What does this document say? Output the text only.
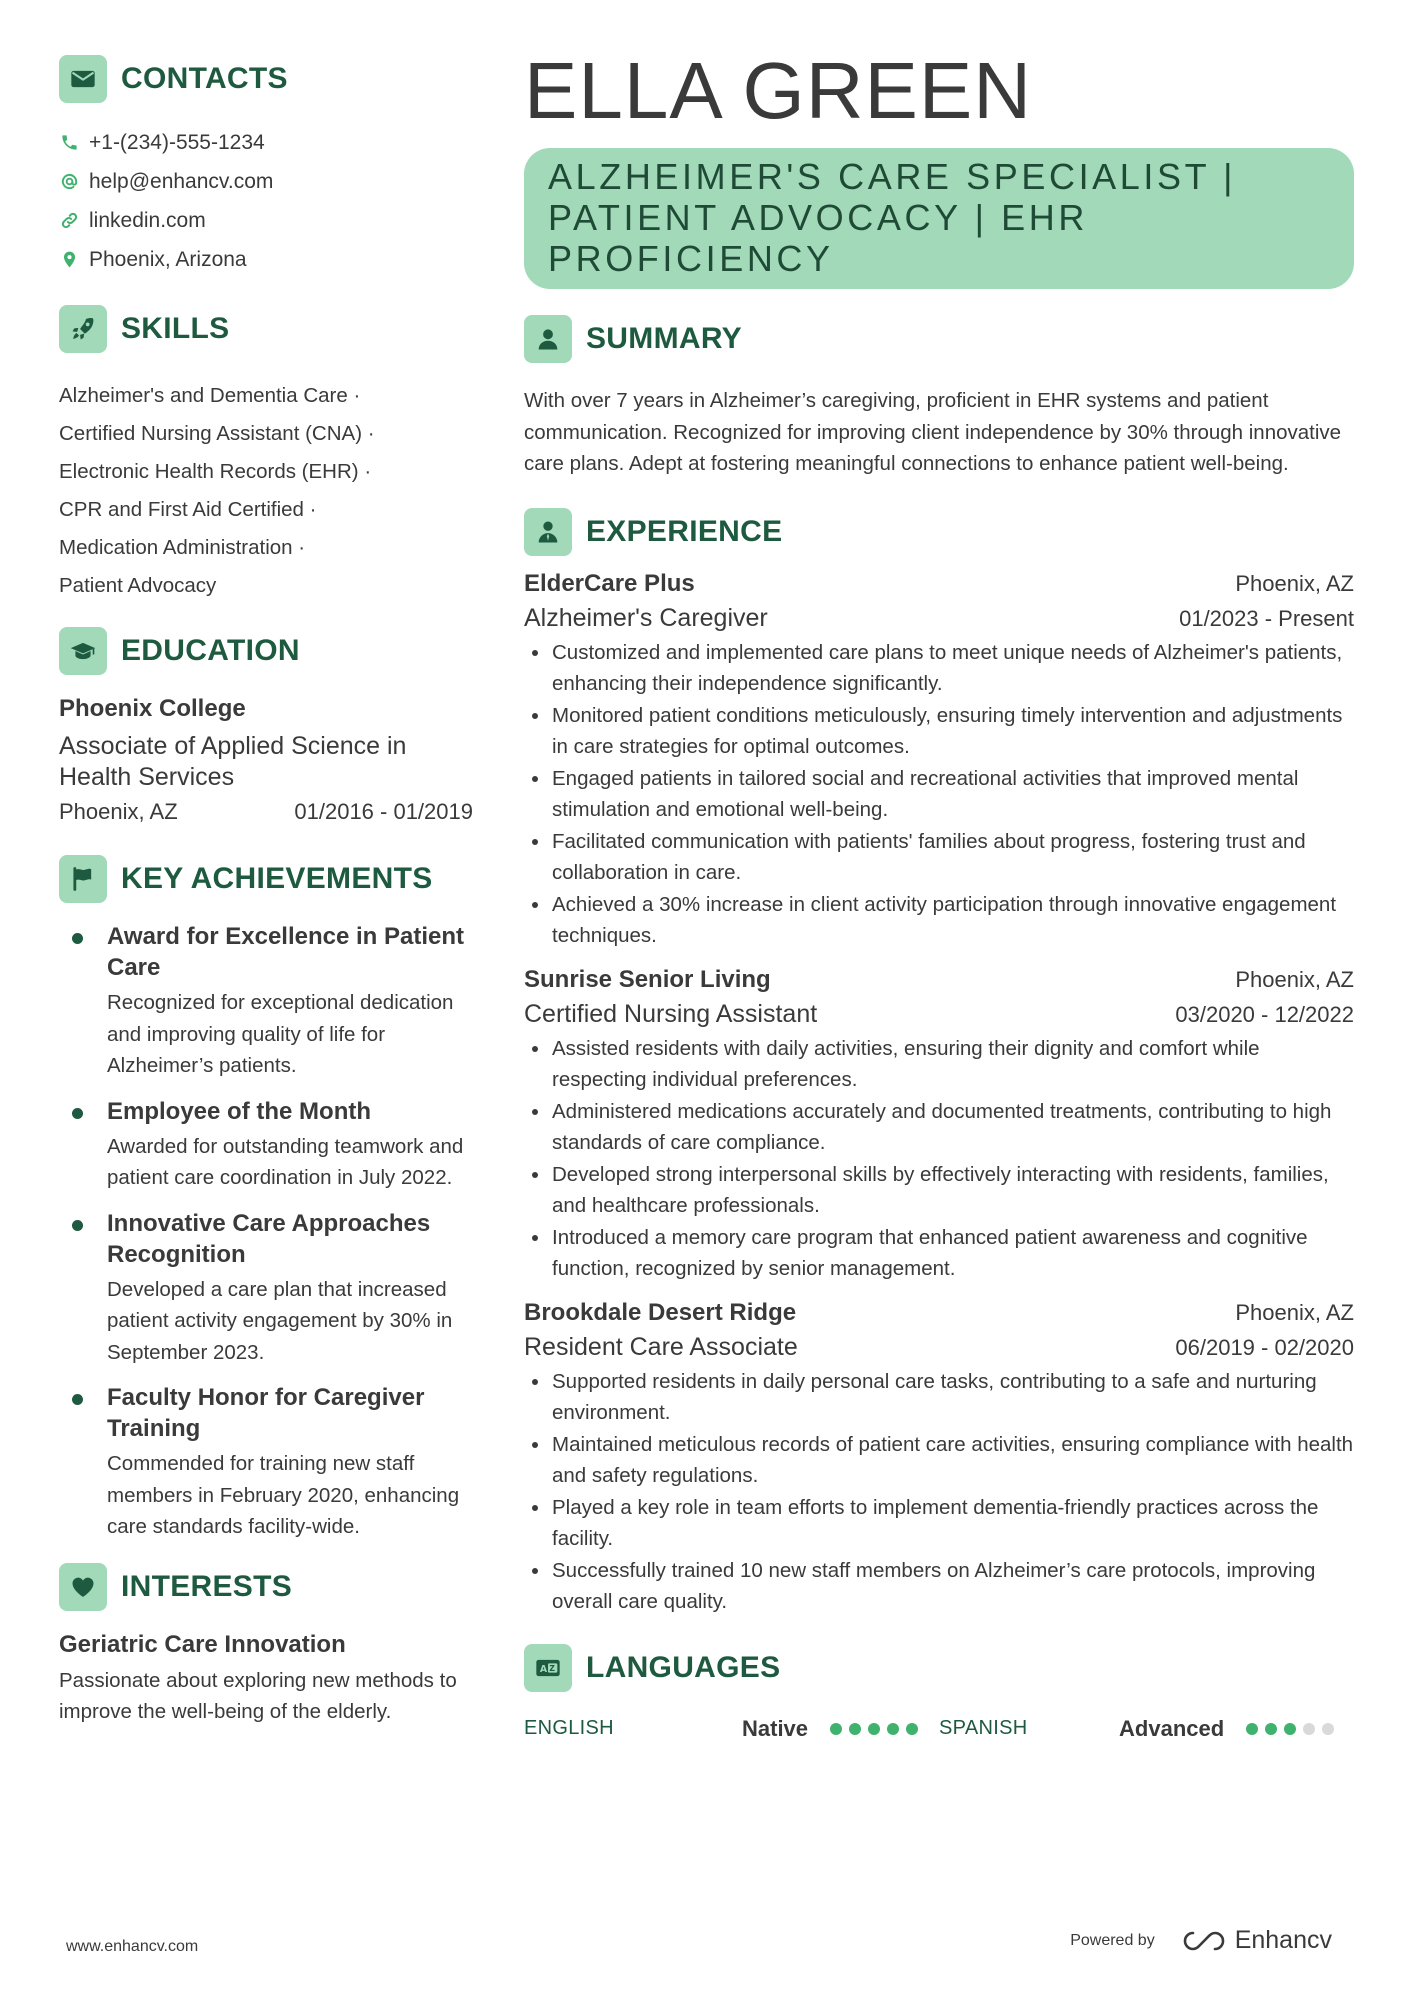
CONTACTS
+1-(234)-555-1234
help@enhancv.com
linkedin.com
Phoenix, Arizona
SKILLS
Alzheimer's and Dementia Care ·
Certified Nursing Assistant (CNA) ·
Electronic Health Records (EHR) ·
CPR and First Aid Certified ·
Medication Administration ·
Patient Advocacy
EDUCATION
Phoenix College
Associate of Applied Science in Health Services
Phoenix, AZ	01/2016 - 01/2019
KEY ACHIEVEMENTS
Award for Excellence in Patient Care
Recognized for exceptional dedication and improving quality of life for Alzheimer’s patients.
Employee of the Month
Awarded for outstanding teamwork and patient care coordination in July 2022.
Innovative Care Approaches Recognition
Developed a care plan that increased patient activity engagement by 30% in September 2023.
Faculty Honor for Caregiver Training
Commended for training new staff members in February 2020, enhancing care standards facility-wide.
INTERESTS
Geriatric Care Innovation
Passionate about exploring new methods to improve the well-being of the elderly.
ELLA GREEN
ALZHEIMER'S CARE SPECIALIST |
PATIENT ADVOCACY | EHR PROFICIENCY
SUMMARY
With over 7 years in Alzheimer’s caregiving, proficient in EHR systems and patient communication. Recognized for improving client independence by 30% through innovative care plans. Adept at fostering meaningful connections to enhance patient well-being.
EXPERIENCE
ElderCare Plus	Phoenix, AZ
Alzheimer's Caregiver	01/2023 - Present
Customized and implemented care plans to meet unique needs of Alzheimer's patients, enhancing their independence significantly.
Monitored patient conditions meticulously, ensuring timely intervention and adjustments in care strategies for optimal outcomes.
Engaged patients in tailored social and recreational activities that improved mental stimulation and emotional well-being.
Facilitated communication with patients' families about progress, fostering trust and collaboration in care.
Achieved a 30% increase in client activity participation through innovative engagement techniques.
Sunrise Senior Living	Phoenix, AZ
Certified Nursing Assistant	03/2020 - 12/2022
Assisted residents with daily activities, ensuring their dignity and comfort while respecting individual preferences.
Administered medications accurately and documented treatments, contributing to high standards of care compliance.
Developed strong interpersonal skills by effectively interacting with residents, families, and healthcare professionals.
Introduced a memory care program that enhanced patient awareness and cognitive function, recognized by senior management.
Brookdale Desert Ridge	Phoenix, AZ
Resident Care Associate	06/2019 - 02/2020
Supported residents in daily personal care tasks, contributing to a safe and nurturing environment.
Maintained meticulous records of patient care activities, ensuring compliance with health and safety regulations.
Played a key role in team efforts to implement dementia-friendly practices across the facility.
Successfully trained 10 new staff members on Alzheimer’s care protocols, improving overall care quality.
A Z LANGUAGES
ENGLISH	Native	SPANISH	Advanced
www.enhancv.com	Powered by	Enhancv
